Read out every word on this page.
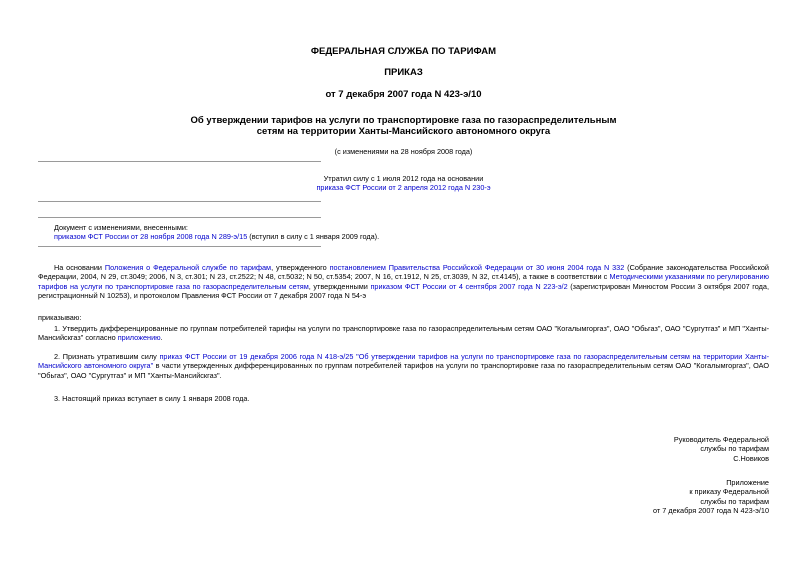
ФЕДЕРАЛЬНАЯ СЛУЖБА ПО ТАРИФАМ
ПРИКАЗ
от 7 декабря 2007 года N 423-э/10
Об утверждении тарифов на услуги по транспортировке газа по газораспределительным
сетям на территории Ханты-Мансийского автономного округа
(с изменениями на 28 ноября 2008 года)
Утратил силу с 1 июля 2012 года на основании
приказа ФСТ России от 2 апреля 2012 года N 230-э
Документ с изменениями, внесенными:
приказом ФСТ России от 28 ноября 2008 года N 289-э/15 (вступил в силу с 1 января 2009 года).
На основании Положения о Федеральной службе по тарифам, утвержденного постановлением Правительства Российской Федерации от 30 июня 2004 года N 332 (Собрание законодательства Российской Федерации, 2004, N 29, ст.3049; 2006, N 3, ст.301; N 23, ст.2522; N 48, ст.5032; N 50, ст.5354; 2007, N 16, ст.1912, N 25, ст.3039, N 32, ст.4145), а также в соответствии с Методическими указаниями по регулированию тарифов на услуги по транспортировке газа по газораспределительным сетям, утвержденными приказом ФСТ России от 4 сентября 2007 года N 223-э/2 (зарегистрирован Минюстом России 3 октября 2007 года, регистрационный N 10253), и протоколом Правления ФСТ России от 7 декабря 2007 года N 54-э
приказываю:
1. Утвердить дифференцированные по группам потребителей тарифы на услуги по транспортировке газа по газораспределительным сетям ОАО "Когалымгоргаз", ОАО "Обьгаз", ОАО "Сургутгаз" и МП "Ханты-Мансийскгаз" согласно приложению.
2. Признать утратившим силу приказ ФСТ России от 19 декабря 2006 года N 418-э/25 "Об утверждении тарифов на услуги по транспортировке газа по газораспределительным сетям на территории Ханты-Мансийского автономного округа" в части утвержденных дифференцированных по группам потребителей тарифов на услуги по транспортировке газа по газораспределительным сетям ОАО "Когалымгоргаз", ОАО "Обьгаз", ОАО "Сургутгаз" и МП "Ханты-Мансийскгаз".
3. Настоящий приказ вступает в силу 1 января 2008 года.
Руководитель Федеральной
службы по тарифам
С.Новиков
Приложение
к приказу Федеральной
службы по тарифам
от 7 декабря 2007 года N 423-э/10
